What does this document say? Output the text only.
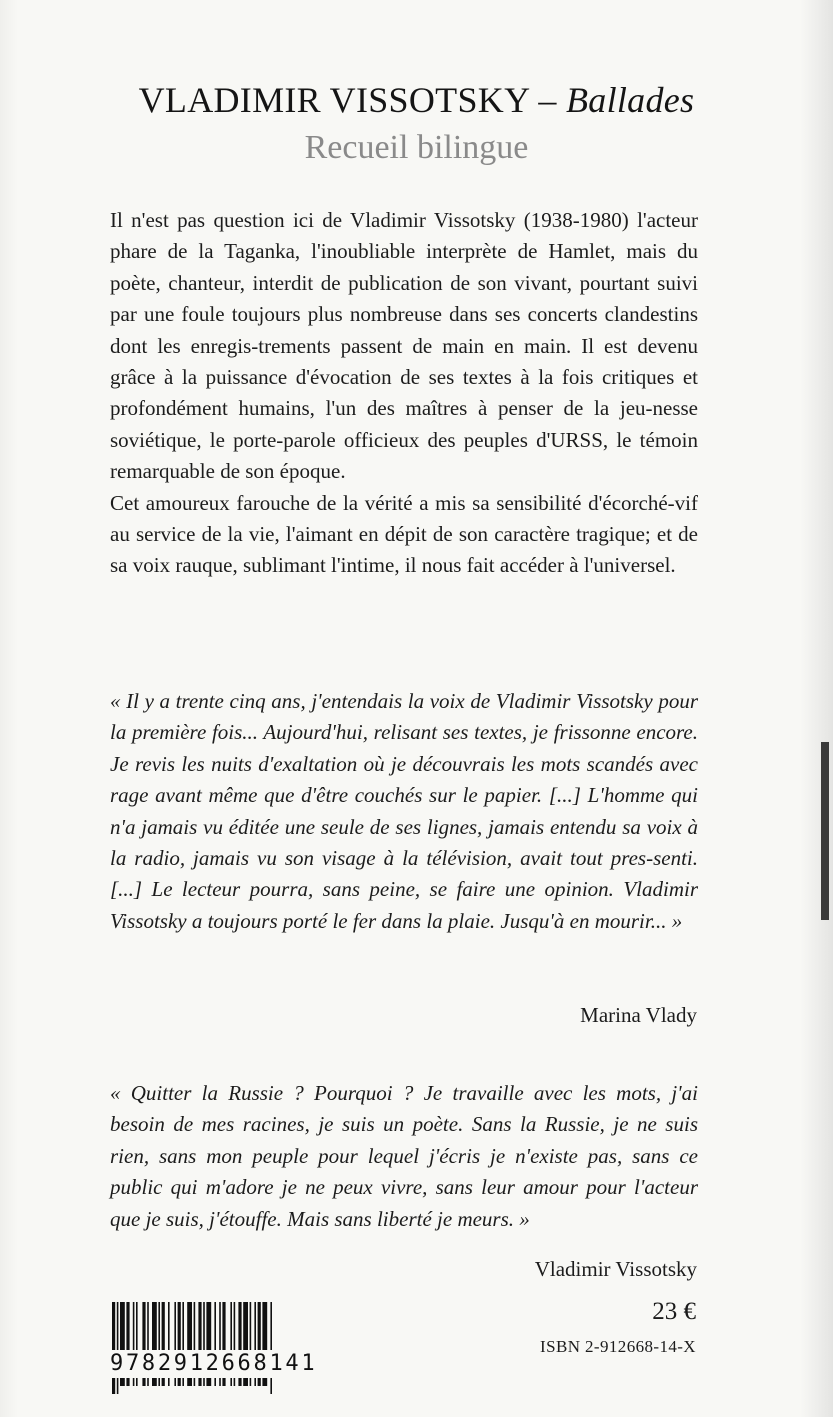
VLADIMIR VISSOTSKY – Ballades
Recueil bilingue

Il n'est pas question ici de Vladimir Vissotsky (1938-1980) l'acteur phare de la Taganka, l'inoubliable interprète de Hamlet, mais du poète, chanteur, interdit de publication de son vivant, pourtant suivi par une foule toujours plus nombreuse dans ses concerts clandestins dont les enregis-trements passent de main en main. Il est devenu grâce à la puissance d'évocation de ses textes à la fois critiques et profondément humains, l'un des maîtres à penser de la jeu-nesse soviétique, le porte-parole officieux des peuples d'URSS, le témoin remarquable de son époque.

Cet amoureux farouche de la vérité a mis sa sensibilité d'écorché-vif au service de la vie, l'aimant en dépit de son caractère tragique; et de sa voix rauque, sublimant l'intime, il nous fait accéder à l'universel.

« Il y a trente cinq ans, j'entendais la voix de Vladimir Vissotsky pour la première fois... Aujourd'hui, relisant ses textes, je frissonne encore. Je revis les nuits d'exaltation où je découvrais les mots scandés avec rage avant même que d'être couchés sur le papier. [...] L'homme qui n'a jamais vu éditée une seule de ses lignes, jamais entendu sa voix à la radio, jamais vu son visage à la télévision, avait tout pres-senti. [...] Le lecteur pourra, sans peine, se faire une opinion. Vladimir Vissotsky a toujours porté le fer dans la plaie. Jusqu'à en mourir... »

Marina Vlady

« Quitter la Russie ? Pourquoi ? Je travaille avec les mots, j'ai besoin de mes racines, je suis un poète. Sans la Russie, je ne suis rien, sans mon peuple pour lequel j'écris je n'existe pas, sans ce public qui m'adore je ne peux vivre, sans leur amour pour l'acteur que je suis, j'étouffe. Mais sans liberté je meurs. »

Vladimir Vissotsky
9782912668141
23 €
ISBN 2-912668-14-X
